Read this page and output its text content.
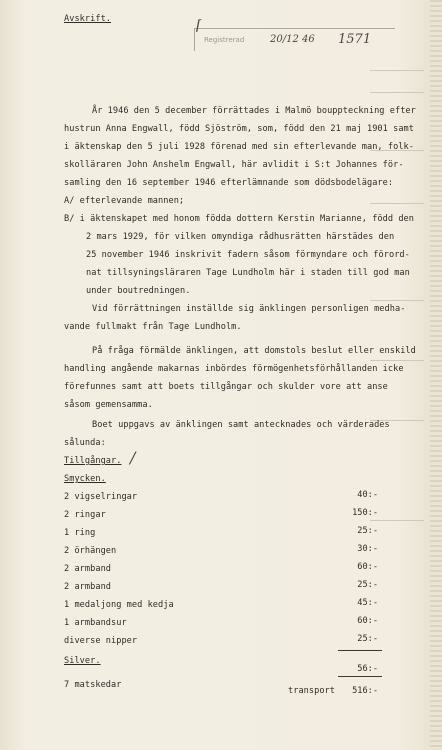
Avskrift.	⌈
Registrerad	20/12 46 1571
År 1946 den 5 december förrättades i Malmö bouppteckning efter
hustrun Anna Engwall, född Sjöström, som, född den 21 maj 1901 samt
i äktenskap den 5 juli 1928 förenad med sin efterlevande man, folk-
skolläraren John Anshelm Engwall, här avlidit i S:t Johannes för-
samling den 16 september 1946 efterlämnande som dödsbodelägare:
A/ efterlevande mannen;
B/ i äktenskapet med honom födda dottern Kerstin Marianne, född den
2 mars 1929, för vilken omyndiga rådhusrätten härstädes den
25 november 1946 inskrivit fadern såsom förmyndare och förord-
nat tillsyningsläraren Tage Lundholm här i staden till god man
under boutredningen.
Vid förrättningen inställde sig änklingen personligen medha-
vande fullmakt från Tage Lundholm.
På fråga förmälde änklingen, att domstols beslut eller enskild
handling angående makarnas inbördes förmögenhetsförhållanden icke
förefunnes samt att boets tillgångar och skulder vore att anse
såsom gemensamma.
Boet uppgavs av änklingen samt antecknades och värderades
sålunda:
Tillgångar. /
Smycken.
2 vigselringar	40:-
2 ringar	150:-
1 ring	25:-
2 örhängen	30:-
2 armband	60:-
2 armband	25:-
1 medaljong med kedja	45:-
1 armbandsur	60:-
diverse nipper	25:-
Silver.
56:-
7 matskedar
transport	516:-
